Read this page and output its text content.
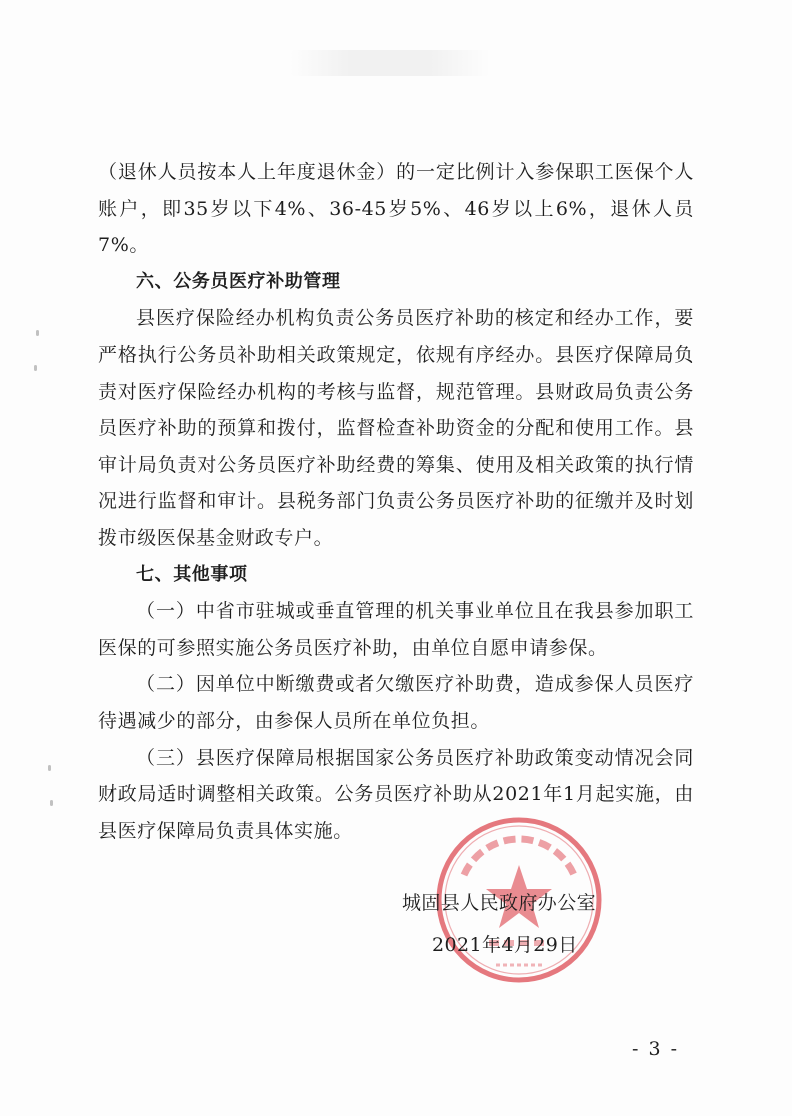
（退休人员按本人上年度退休金）的一定比例计入参保职工医保个人账户，即35岁以下4%、36-45岁5%、46岁以上6%，退休人员7%。

六、公务员医疗补助管理

县医疗保险经办机构负责公务员医疗补助的核定和经办工作，要严格执行公务员补助相关政策规定，依规有序经办。县医疗保障局负责对医疗保险经办机构的考核与监督，规范管理。县财政局负责公务员医疗补助的预算和拨付，监督检查补助资金的分配和使用工作。县审计局负责对公务员医疗补助经费的筹集、使用及相关政策的执行情况进行监督和审计。县税务部门负责公务员医疗补助的征缴并及时划拨市级医保基金财政专户。

七、其他事项

（一）中省市驻城或垂直管理的机关事业单位且在我县参加职工医保的可参照实施公务员医疗补助，由单位自愿申请参保。

（二）因单位中断缴费或者欠缴医疗补助费，造成参保人员医疗待遇减少的部分，由参保人员所在单位负担。

（三）县医疗保障局根据国家公务员医疗补助政策变动情况会同财政局适时调整相关政策。公务员医疗补助从2021年1月起实施，由县医疗保障局负责具体实施。

城固县人民政府办公室
2021年4月29日
- 3 -
